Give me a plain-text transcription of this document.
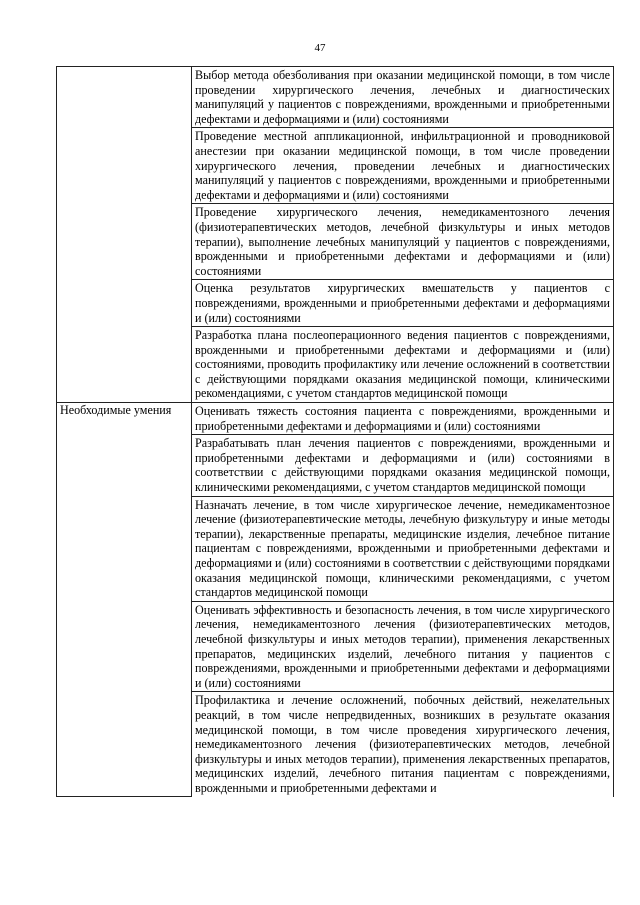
47
	Выбор метода обезболивания при оказании медицинской помощи, в том числе проведении хирургического лечения, лечебных и диагностических манипуляций у пациентов с повреждениями, врожденными и приобретенными дефектами и деформациями и (или) состояниями
	Проведение местной аппликационной, инфильтрационной и проводниковой анестезии при оказании медицинской помощи, в том числе проведении хирургического лечения, проведении лечебных и диагностических манипуляций у пациентов с повреждениями, врожденными и приобретенными дефектами и деформациями и (или) состояниями
	Проведение хирургического лечения, немедикаментозного лечения (физиотерапевтических методов, лечебной физкультуры и иных методов терапии), выполнение лечебных манипуляций у пациентов с повреждениями, врожденными и приобретенными дефектами и деформациями и (или) состояниями
	Оценка результатов хирургических вмешательств у пациентов с повреждениями, врожденными и приобретенными дефектами и деформациями и (или) состояниями
	Разработка плана послеоперационного ведения пациентов с повреждениями, врожденными и приобретенными дефектами и деформациями и (или) состояниями, проводить профилактику или лечение осложнений в соответствии с действующими порядками оказания медицинской помощи, клиническими рекомендациями, с учетом стандартов медицинской помощи
Необходимые умения	Оценивать тяжесть состояния пациента с повреждениями, врожденными и приобретенными дефектами и деформациями и (или) состояниями
	Разрабатывать план лечения пациентов с повреждениями, врожденными и приобретенными дефектами и деформациями и (или) состояниями в соответствии с действующими порядками оказания медицинской помощи, клиническими рекомендациями, с учетом стандартов медицинской помощи
	Назначать лечение, в том числе хирургическое лечение, немедикаментозное лечение (физиотерапевтические методы, лечебную физкультуру и иные методы терапии), лекарственные препараты, медицинские изделия, лечебное питание пациентам с повреждениями, врожденными и приобретенными дефектами и деформациями и (или) состояниями в соответствии с действующими порядками оказания медицинской помощи, клиническими рекомендациями, с учетом стандартов медицинской помощи
	Оценивать эффективность и безопасность лечения, в том числе хирургического лечения, немедикаментозного лечения (физиотерапевтических методов, лечебной физкультуры и иных методов терапии), применения лекарственных препаратов, медицинских изделий, лечебного питания у пациентов с повреждениями, врожденными и приобретенными дефектами и деформациями и (или) состояниями
	Профилактика и лечение осложнений, побочных действий, нежелательных реакций, в том числе непредвиденных, возникших в результате оказания медицинской помощи, в том числе проведения хирургического лечения, немедикаментозного лечения (физиотерапевтических методов, лечебной физкультуры и иных методов терапии), применения лекарственных препаратов, медицинских изделий, лечебного питания пациентам с повреждениями, врожденными и приобретенными дефектами и
